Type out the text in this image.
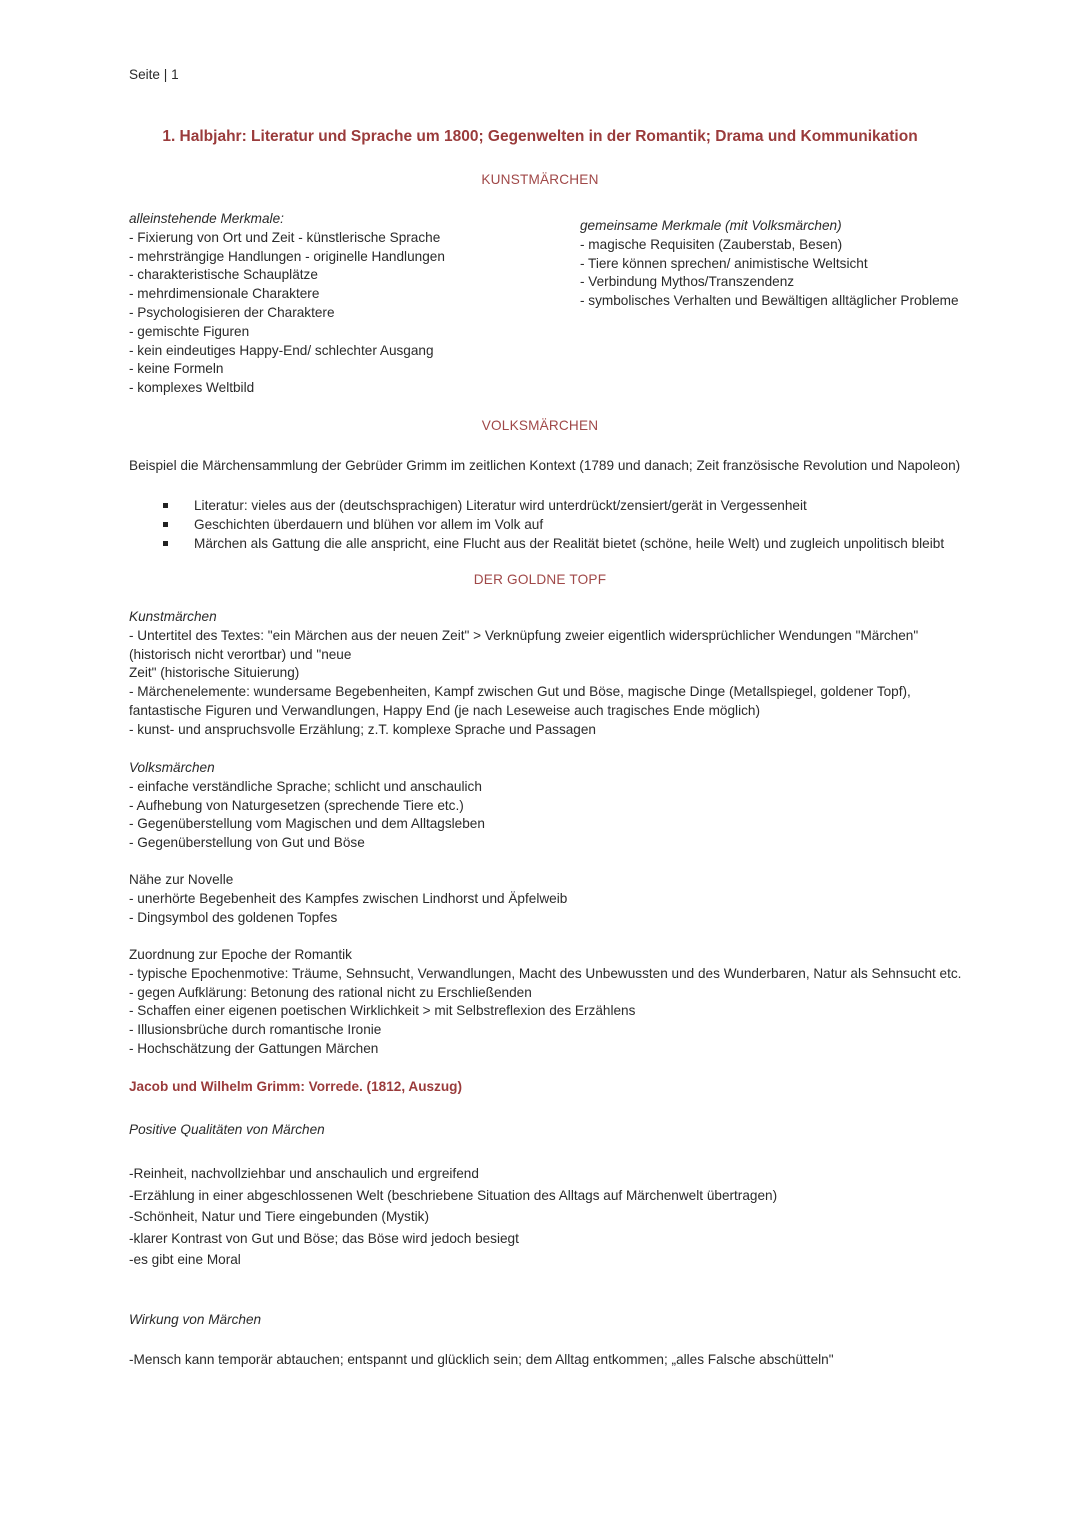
Seite | 1
1. Halbjahr: Literatur und Sprache um 1800; Gegenwelten in der Romantik; Drama und Kommunikation
KUNSTMÄRCHEN
alleinstehende Merkmale:
- Fixierung von Ort und Zeit - künstlerische Sprache
- mehrsträngige Handlungen - originelle Handlungen
- charakteristische Schauplätze
- mehrdimensionale Charaktere
- Psychologisieren der Charaktere
- gemischte Figuren
- kein eindeutiges Happy-End/ schlechter Ausgang
- keine Formeln
- komplexes Weltbild
gemeinsame Merkmale (mit Volksmärchen)
- magische Requisiten (Zauberstab, Besen)
- Tiere können sprechen/ animistische Weltsicht
- Verbindung Mythos/Transzendenz
- symbolisches Verhalten und Bewältigen alltäglicher Probleme
VOLKSMÄRCHEN
Beispiel die Märchensammlung der Gebrüder Grimm im zeitlichen Kontext (1789 und danach; Zeit französische Revolution und Napoleon)
Literatur: vieles aus der (deutschsprachigen) Literatur wird unterdrückt/zensiert/gerät in Vergessenheit
Geschichten überdauern und blühen vor allem im Volk auf
Märchen als Gattung die alle anspricht, eine Flucht aus der Realität bietet (schöne, heile Welt) und zugleich unpolitisch bleibt
DER GOLDNE TOPF
Kunstmärchen
- Untertitel des Textes: "ein Märchen aus der neuen Zeit" > Verknüpfung zweier eigentlich widersprüchlicher Wendungen "Märchen"
(historisch nicht verortbar) und "neue
Zeit" (historische Situierung)
- Märchenelemente: wundersame Begebenheiten, Kampf zwischen Gut und Böse, magische Dinge (Metallspiegel, goldener Topf),
fantastische Figuren und Verwandlungen, Happy End (je nach Leseweise auch tragisches Ende möglich)
- kunst- und anspruchsvolle Erzählung; z.T. komplexe Sprache und Passagen
Volksmärchen
- einfache verständliche Sprache; schlicht und anschaulich
- Aufhebung von Naturgesetzen (sprechende Tiere etc.)
- Gegenüberstellung vom Magischen und dem Alltagsleben
- Gegenüberstellung von Gut und Böse
Nähe zur Novelle
- unerhörte Begebenheit des Kampfes zwischen Lindhorst und Äpfelweib
- Dingsymbol des goldenen Topfes
Zuordnung zur Epoche der Romantik
- typische Epochenmotive: Träume, Sehnsucht, Verwandlungen, Macht des Unbewussten und des Wunderbaren, Natur als Sehnsucht etc.
- gegen Aufklärung: Betonung des rational nicht zu Erschließenden
- Schaffen einer eigenen poetischen Wirklichkeit > mit Selbstreflexion des Erzählens
- Illusionsbrüche durch romantische Ironie
- Hochschätzung der Gattungen Märchen
Jacob und Wilhelm Grimm: Vorrede. (1812, Auszug)
Positive Qualitäten von Märchen
-Reinheit, nachvollziehbar und anschaulich und ergreifend
-Erzählung in einer abgeschlossenen Welt (beschriebene Situation des Alltags auf Märchenwelt übertragen)
-Schönheit, Natur und Tiere eingebunden (Mystik)
-klarer Kontrast von Gut und Böse; das Böse wird jedoch besiegt
-es gibt eine Moral
Wirkung von Märchen
-Mensch kann temporär abtauchen; entspannt und glücklich sein; dem Alltag entkommen; „alles Falsche abschütteln"
